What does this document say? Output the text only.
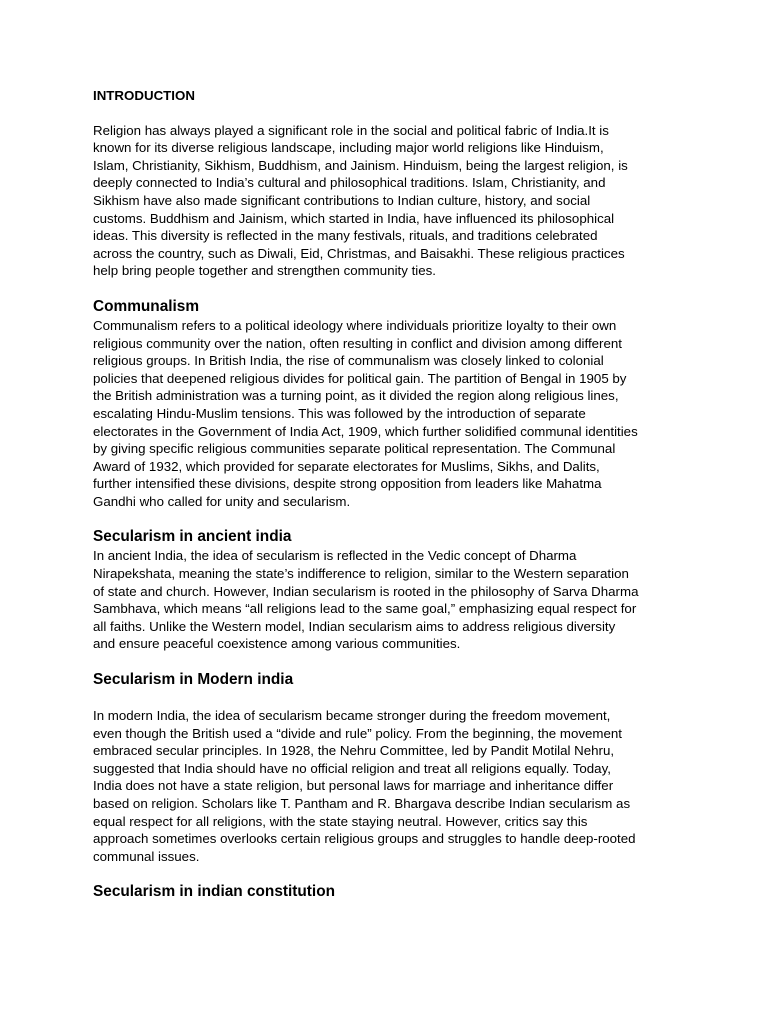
INTRODUCTION
Religion has always played a significant role in the social and political fabric of India.It is
known for its diverse religious landscape, including major world religions like Hinduism,
Islam, Christianity, Sikhism, Buddhism, and Jainism. Hinduism, being the largest religion, is
deeply connected to India’s cultural and philosophical traditions. Islam, Christianity, and
Sikhism have also made significant contributions to Indian culture, history, and social
customs. Buddhism and Jainism, which started in India, have influenced its philosophical
ideas. This diversity is reflected in the many festivals, rituals, and traditions celebrated
across the country, such as Diwali, Eid, Christmas, and Baisakhi. These religious practices
help bring people together and strengthen community ties.
Communalism
Communalism refers to a political ideology where individuals prioritize loyalty to their own
religious community over the nation, often resulting in conflict and division among different
religious groups. In British India, the rise of communalism was closely linked to colonial
policies that deepened religious divides for political gain. The partition of Bengal in 1905 by
the British administration was a turning point, as it divided the region along religious lines,
escalating Hindu-Muslim tensions. This was followed by the introduction of separate
electorates in the Government of India Act, 1909, which further solidified communal identities
by giving specific religious communities separate political representation. The Communal
Award of 1932, which provided for separate electorates for Muslims, Sikhs, and Dalits,
further intensified these divisions, despite strong opposition from leaders like Mahatma
Gandhi who called for unity and secularism.
Secularism in ancient india
In ancient India, the idea of secularism is reflected in the Vedic concept of Dharma
Nirapekshata, meaning the state’s indifference to religion, similar to the Western separation
of state and church. However, Indian secularism is rooted in the philosophy of Sarva Dharma
Sambhava, which means “all religions lead to the same goal,” emphasizing equal respect for
all faiths. Unlike the Western model, Indian secularism aims to address religious diversity
and ensure peaceful coexistence among various communities.
Secularism in Modern india
In modern India, the idea of secularism became stronger during the freedom movement,
even though the British used a “divide and rule” policy. From the beginning, the movement
embraced secular principles. In 1928, the Nehru Committee, led by Pandit Motilal Nehru,
suggested that India should have no official religion and treat all religions equally. Today,
India does not have a state religion, but personal laws for marriage and inheritance differ
based on religion. Scholars like T. Pantham and R. Bhargava describe Indian secularism as
equal respect for all religions, with the state staying neutral. However, critics say this
approach sometimes overlooks certain religious groups and struggles to handle deep-rooted
communal issues.
Secularism in indian constitution
